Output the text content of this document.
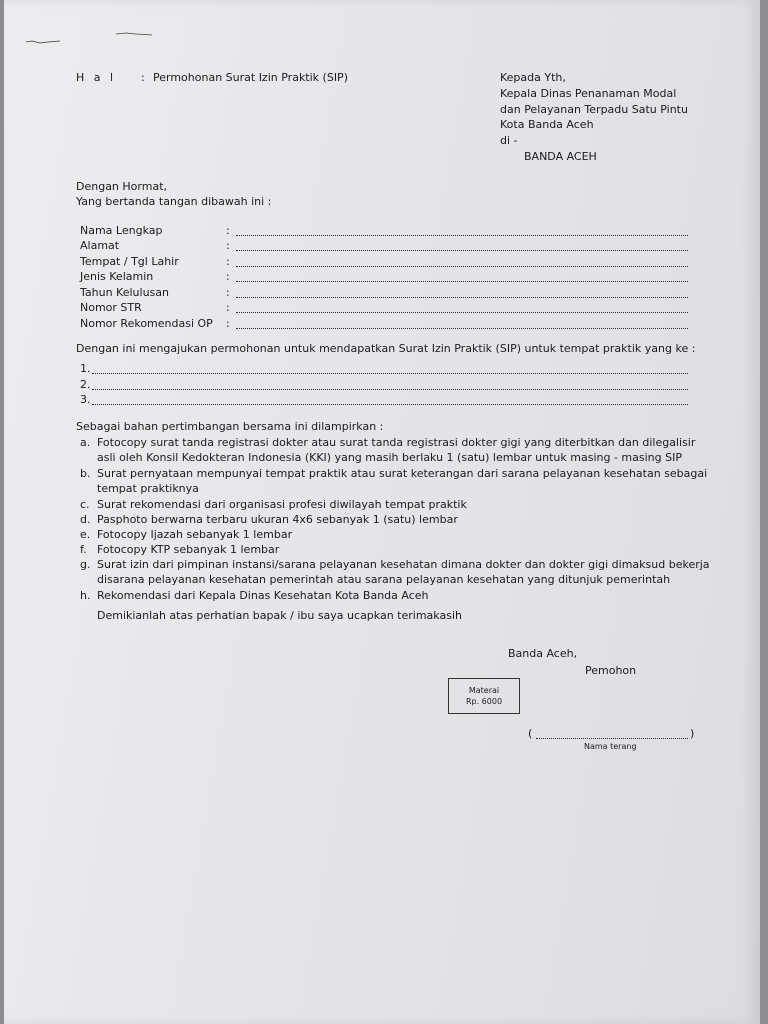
H a l : Permohonan Surat Izin Praktik (SIP)	Kepada Yth,
Kepala Dinas Penanaman Modal
dan Pelayanan Terpadu Satu Pintu
Kota Banda Aceh
di -
BANDA ACEH
Dengan Hormat,
Yang bertanda tangan dibawah ini :
Nama Lengkap	:
Alamat	:
Tempat / Tgl Lahir	:
Jenis Kelamin	:
Tahun Kelulusan	:
Nomor STR	:
Nomor Rekomendasi OP :
Dengan ini mengajukan permohonan untuk mendapatkan Surat Izin Praktik (SIP) untuk tempat praktik yang ke :
1.
2.
3.
Sebagai bahan pertimbangan bersama ini dilampirkan :
a. Fotocopy surat tanda registrasi dokter atau surat tanda registrasi dokter gigi yang diterbitkan dan dilegalisir
asli oleh Konsil Kedokteran Indonesia (KKI) yang masih berlaku 1 (satu) lembar untuk masing - masing SIP
b. Surat pernyataan mempunyai tempat praktik atau surat keterangan dari sarana pelayanan kesehatan sebagai
tempat praktiknya
c. Surat rekomendasi dari organisasi profesi diwilayah tempat praktik
d. Pasphoto berwarna terbaru ukuran 4x6 sebanyak 1 (satu) lembar
e. Fotocopy Ijazah sebanyak 1 lembar
f. Fotocopy KTP sebanyak 1 lembar
g. Surat izin dari pimpinan instansi/sarana pelayanan kesehatan dimana dokter dan dokter gigi dimaksud bekerja
disarana pelayanan kesehatan pemerintah atau sarana pelayanan kesehatan yang ditunjuk pemerintah
h. Rekomendasi dari Kepala Dinas Kesehatan Kota Banda Aceh
Demikianlah atas perhatian bapak / ibu saya ucapkan terimakasih
Banda Aceh,
Pemohon
Materai
Rp. 6000
(	)
Nama terang
